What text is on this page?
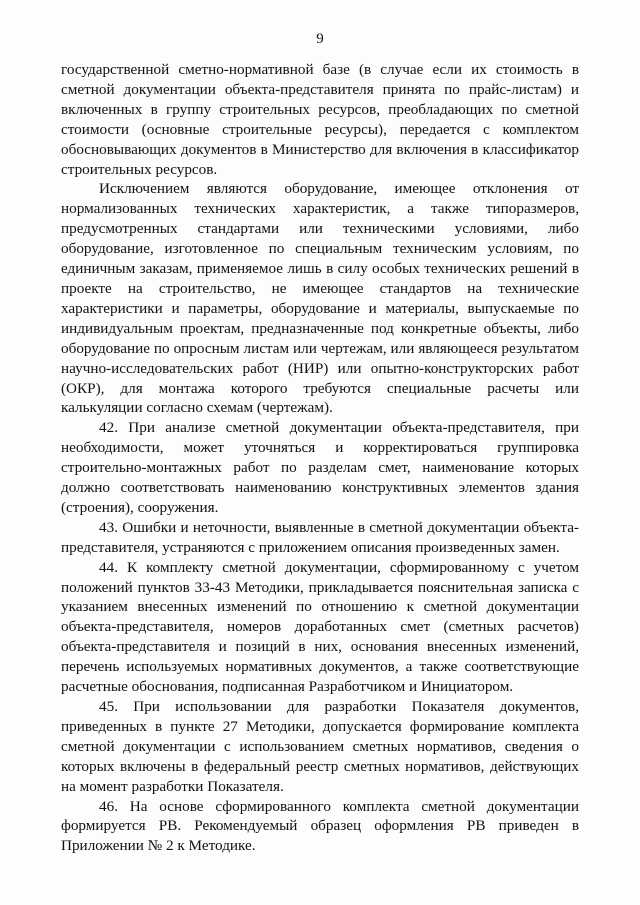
9

государственной сметно-нормативной базе (в случае если их стоимость в сметной документации объекта-представителя принята по прайс-листам) и включенных в группу строительных ресурсов, преобладающих по сметной стоимости (основные строительные ресурсы), передается с комплектом обосновывающих документов в Министерство для включения в классификатор строительных ресурсов.

Исключением являются оборудование, имеющее отклонения от нормализованных технических характеристик, а также типоразмеров, предусмотренных стандартами или техническими условиями, либо оборудование, изготовленное по специальным техническим условиям, по единичным заказам, применяемое лишь в силу особых технических решений в проекте на строительство, не имеющее стандартов на технические характеристики и параметры, оборудование и материалы, выпускаемые по индивидуальным проектам, предназначенные под конкретные объекты, либо оборудование по опросным листам или чертежам, или являющееся результатом научно-исследовательских работ (НИР) или опытно-конструкторских работ (ОКР), для монтажа которого требуются специальные расчеты или калькуляции согласно схемам (чертежам).

42. При анализе сметной документации объекта-представителя, при необходимости, может уточняться и корректироваться группировка строительно-монтажных работ по разделам смет, наименование которых должно соответствовать наименованию конструктивных элементов здания (строения), сооружения.

43. Ошибки и неточности, выявленные в сметной документации объекта-представителя, устраняются с приложением описания произведенных замен.

44. К комплекту сметной документации, сформированному с учетом положений пунктов 33-43 Методики, прикладывается пояснительная записка с указанием внесенных изменений по отношению к сметной документации объекта-представителя, номеров доработанных смет (сметных расчетов) объекта-представителя и позиций в них, основания внесенных изменений, перечень используемых нормативных документов, а также соответствующие расчетные обоснования, подписанная Разработчиком и Инициатором.

45. При использовании для разработки Показателя документов, приведенных в пункте 27 Методики, допускается формирование комплекта сметной документации с использованием сметных нормативов, сведения о которых включены в федеральный реестр сметных нормативов, действующих на момент разработки Показателя.

46. На основе сформированного комплекта сметной документации формируется РВ. Рекомендуемый образец оформления РВ приведен в Приложении № 2 к Методике.
